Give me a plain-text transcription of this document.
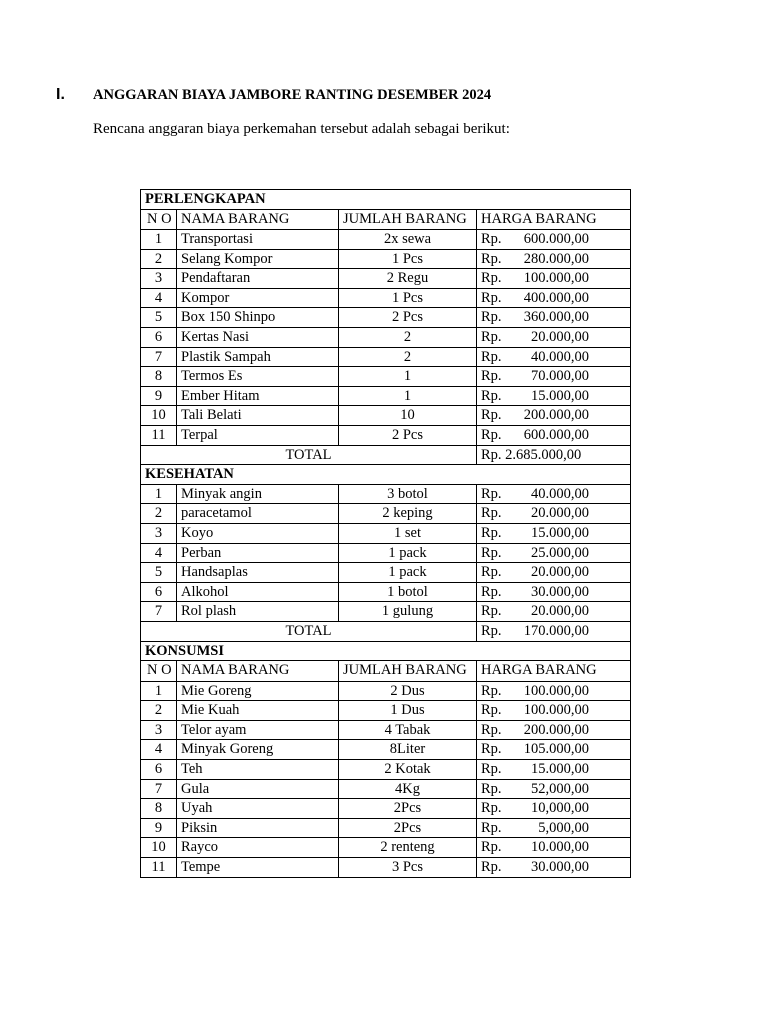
I.	ANGGARAN BIAYA JAMBORE RANTING DESEMBER 2024
Rencana anggaran biaya perkemahan tersebut adalah sebagai berikut:
PERLENGKAPAN			
N O	NAMA BARANG	JUMLAH BARANG	HARGA BARANG
1	Transportasi	2x sewa	Rp. 600.000,00
2	Selang Kompor	1 Pcs	Rp. 280.000,00
3	Pendaftaran	2 Regu	Rp. 100.000,00
4	Kompor	1 Pcs	Rp. 400.000,00
5	Box 150 Shinpo	2 Pcs	Rp. 360.000,00
6	Kertas Nasi	2	Rp. 20.000,00
7	Plastik Sampah	2	Rp. 40.000,00
8	Termos Es	1	Rp. 70.000,00
9	Ember Hitam	1	Rp. 15.000,00
10	Tali Belati	10	Rp. 200.000,00
11	Terpal	2 Pcs	Rp. 600.000,00
TOTAL			Rp. 2.685.000,00
KESEHATAN			
1	Minyak angin	3 botol	Rp. 40.000,00
2	paracetamol	2 keping	Rp. 20.000,00
3	Koyo	1 set	Rp. 15.000,00
4	Perban	1 pack	Rp. 25.000,00
5	Handsaplas	1 pack	Rp. 20.000,00
6	Alkohol	1 botol	Rp. 30.000,00
7	Rol plash	1 gulung	Rp. 20.000,00
TOTAL			Rp. 170.000,00
KONSUMSI			
N O	NAMA BARANG	JUMLAH BARANG	HARGA BARANG
1	Mie Goreng	2 Dus	Rp. 100.000,00
2	Mie Kuah	1 Dus	Rp. 100.000,00
3	Telor ayam	4 Tabak	Rp. 200.000,00
4	Minyak Goreng	8Liter	Rp. 105.000,00
6	Teh	2 Kotak	Rp. 15.000,00
7	Gula	4Kg	Rp. 52,000,00
8	Uyah	2Pcs	Rp. 10,000,00
9	Piksin	2Pcs	Rp. 5,000,00
10	Rayco	2 renteng	Rp. 10.000,00
11	Tempe	3 Pcs	Rp. 30.000,00
